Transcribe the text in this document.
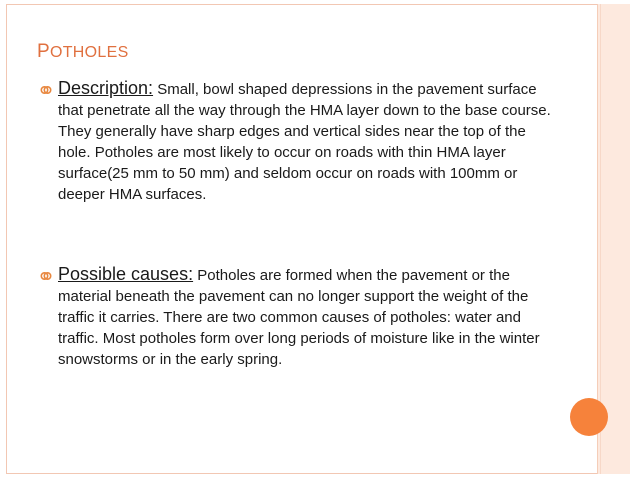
POTHOLES
Description: Small, bowl shaped depressions in the pavement surface that penetrate all the way through the HMA layer down to the base course. They generally have sharp edges and vertical sides near the top of the hole. Potholes are most likely to occur on roads with thin HMA layer surface(25 mm to 50 mm) and seldom occur on roads with 100mm or deeper HMA surfaces.
Possible causes: Potholes are formed when the pavement or the material beneath the pavement can no longer support the weight of the traffic it carries. There are two common causes of potholes: water and traffic. Most potholes form over long periods of moisture like in the winter snowstorms or in the early spring.
